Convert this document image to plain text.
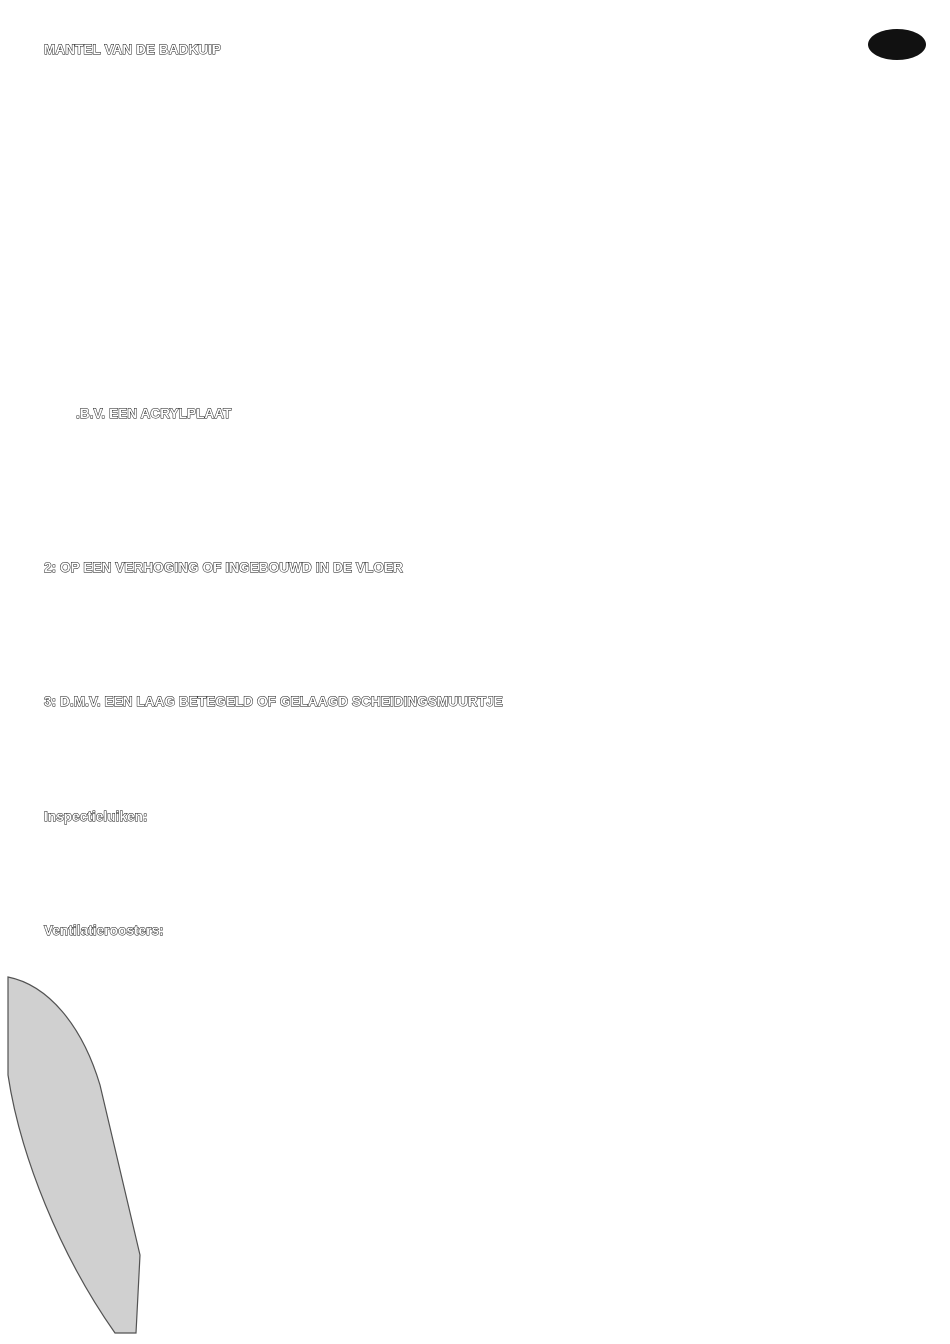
MANTEL VAN DE BADKUIP

.B.V. EEN ACRYLPLAAT

2: OP EEN VERHOGING OF INGEBOUWD IN DE VLOER

3: D.M.V. EEN LAAG BETEGELD OF GELAAGD SCHEIDINGSMUURTJE

Inspectieluiken:

Ventilatieroosters:
